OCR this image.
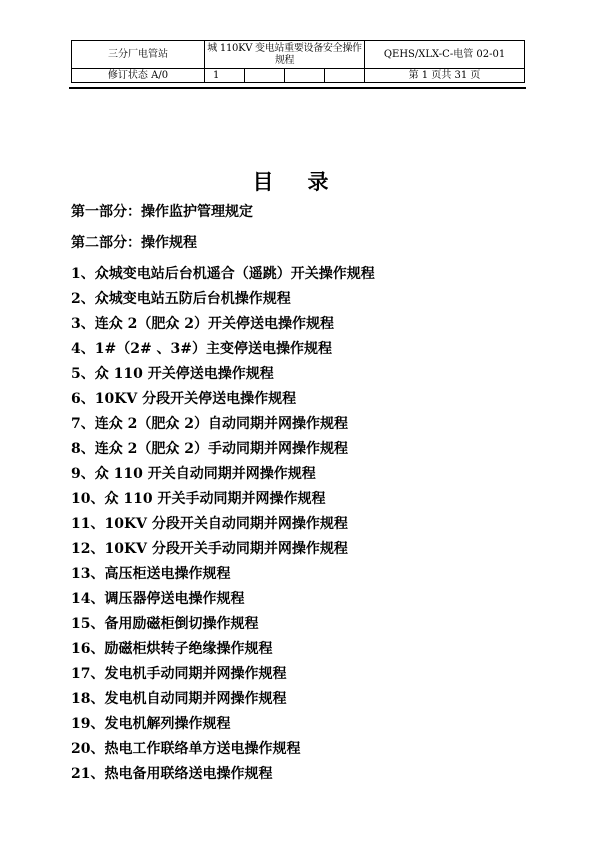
三分厂电管站	城 110KV 变电站重要设备安全操作规程				QEHS/XLX-C-电管 02-01
修订状态 A/0	1				第 1 页共 31 页
目录
第一部分：操作监护管理规定
第二部分：操作规程
1、众城变电站后台机遥合（遥跳）开关操作规程
2、众城变电站五防后台机操作规程
3、连众 2（肥众 2）开关停送电操作规程
4、1#（2# 、3#）主变停送电操作规程
5、众 110 开关停送电操作规程
6、10KV 分段开关停送电操作规程
7、连众 2（肥众 2）自动同期并网操作规程
8、连众 2（肥众 2）手动同期并网操作规程
9、众 110 开关自动同期并网操作规程
10、众 110 开关手动同期并网操作规程
11、10KV 分段开关自动同期并网操作规程
12、10KV 分段开关手动同期并网操作规程
13、高压柜送电操作规程
14、调压器停送电操作规程
15、备用励磁柜倒切操作规程
16、励磁柜烘转子绝缘操作规程
17、发电机手动同期并网操作规程
18、发电机自动同期并网操作规程
19、发电机解列操作规程
20、热电工作联络单方送电操作规程
21、热电备用联络送电操作规程
